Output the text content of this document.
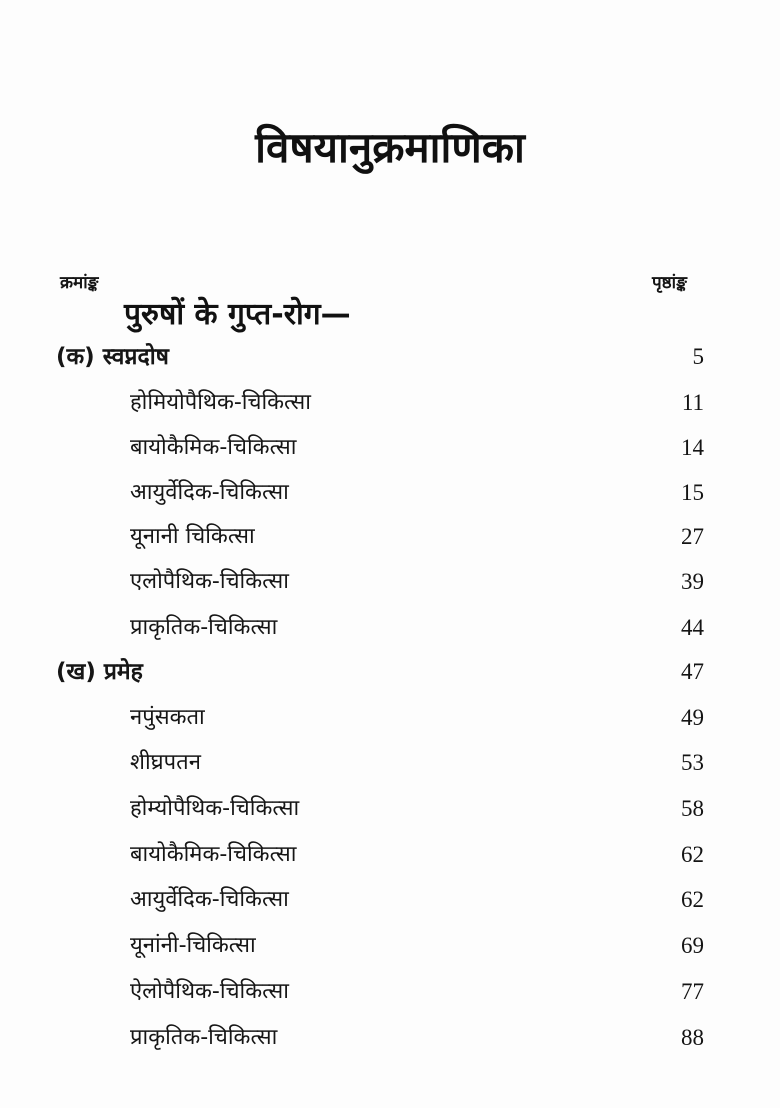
विषयानुक्रमाणिका
क्रमांङ्क	पृष्ठांङ्क
पुरुषों के गुप्त-रोग—
(क) स्वप्नदोष	5
होमियोपैथिक-चिकित्सा	11
बायोकैमिक-चिकित्सा	14
आयुर्वेदिक-चिकित्सा	15
यूनानी चिकित्सा	27
एलोपैथिक-चिकित्सा	39
प्राकृतिक-चिकित्सा	44
(ख) प्रमेह	47
नपुंसकता	49
शीघ्रपतन	53
होम्योपैथिक-चिकित्सा	58
बायोकैमिक-चिकित्सा	62
आयुर्वेदिक-चिकित्सा	62
यूनांनी-चिकित्सा	69
ऐलोपैथिक-चिकित्सा	77
प्राकृतिक-चिकित्सा	88
